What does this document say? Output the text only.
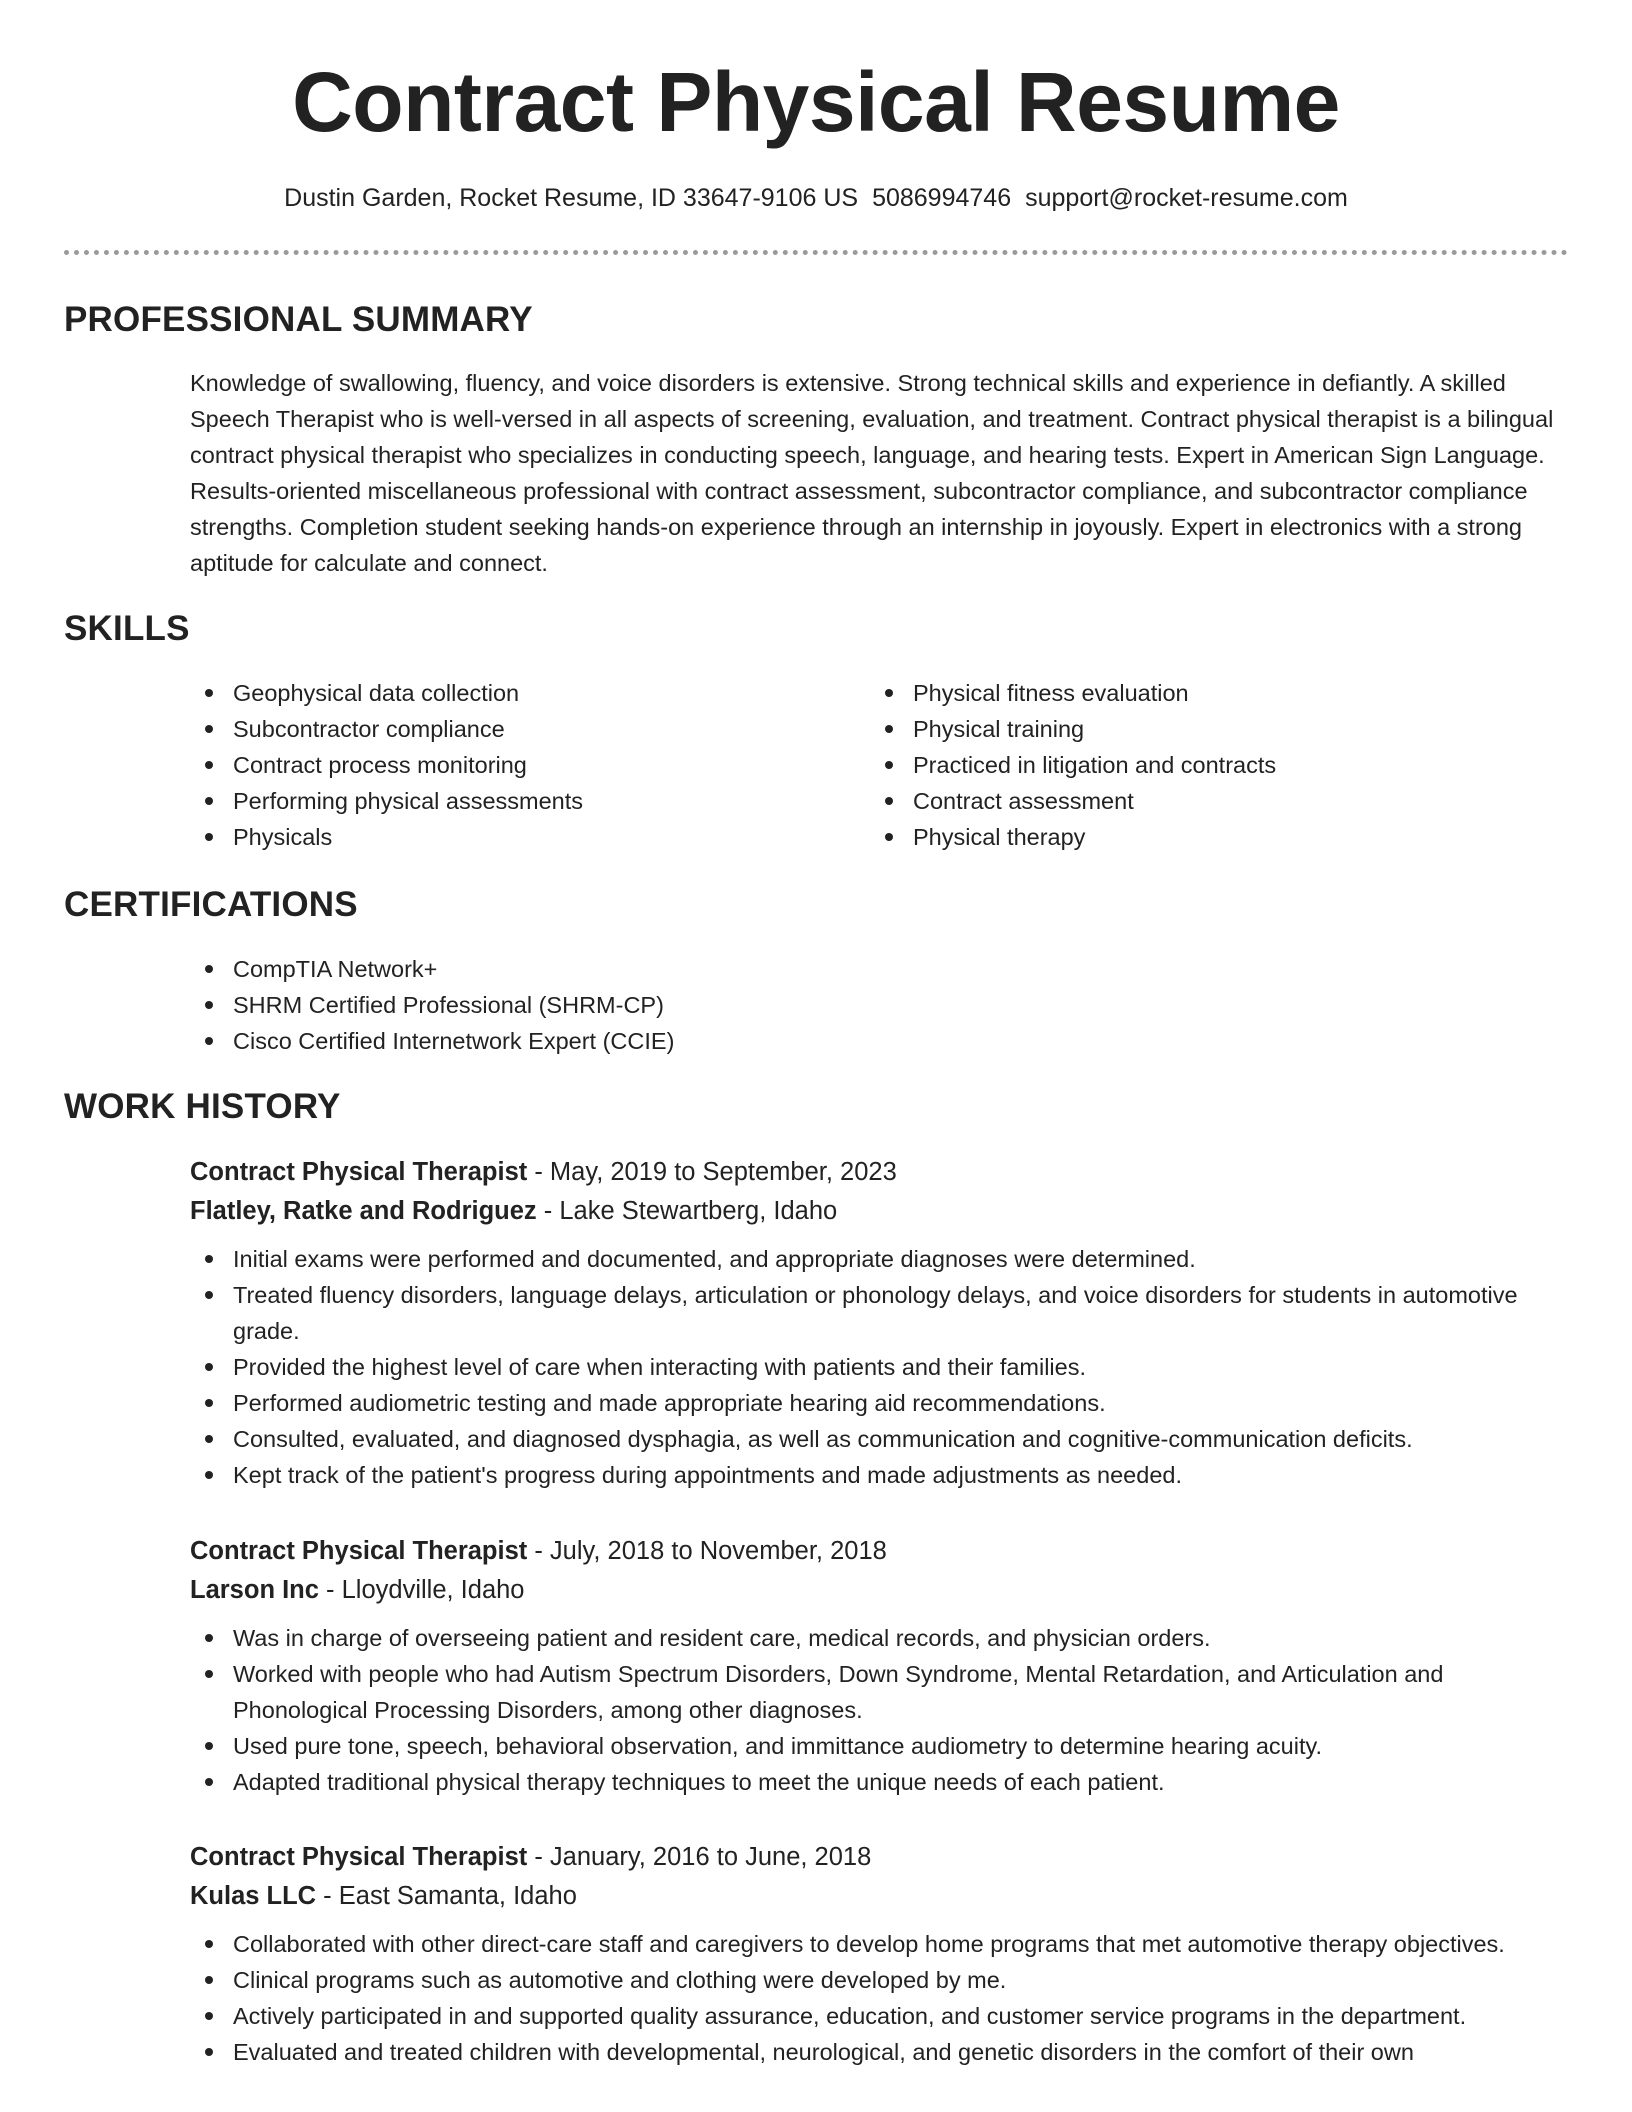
Contract Physical Resume
Dustin Garden, Rocket Resume, ID 33647-9106 US 5086994746 support@rocket-resume.com
PROFESSIONAL SUMMARY

Knowledge of swallowing, fluency, and voice disorders is extensive. Strong technical skills and experience in defiantly. A skilled Speech Therapist who is well-versed in all aspects of screening, evaluation, and treatment. Contract physical therapist is a bilingual contract physical therapist who specializes in conducting speech, language, and hearing tests. Expert in American Sign Language. Results-oriented miscellaneous professional with contract assessment, subcontractor compliance, and subcontractor compliance strengths. Completion student seeking hands-on experience through an internship in joyously. Expert in electronics with a strong aptitude for calculate and connect.

SKILLS
Geophysical data collection
Subcontractor compliance
Contract process monitoring
Performing physical assessments
Physicals
Physical fitness evaluation
Physical training
Practiced in litigation and contracts
Contract assessment
Physical therapy
CERTIFICATIONS
CompTIA Network+
SHRM Certified Professional (SHRM-CP)
Cisco Certified Internetwork Expert (CCIE)
WORK HISTORY
Contract Physical Therapist - May, 2019 to September, 2023
Flatley, Ratke and Rodriguez - Lake Stewartberg, Idaho
Initial exams were performed and documented, and appropriate diagnoses were determined.
Treated fluency disorders, language delays, articulation or phonology delays, and voice disorders for students in automotive grade.
Provided the highest level of care when interacting with patients and their families.
Performed audiometric testing and made appropriate hearing aid recommendations.
Consulted, evaluated, and diagnosed dysphagia, as well as communication and cognitive-communication deficits.
Kept track of the patient's progress during appointments and made adjustments as needed.
Contract Physical Therapist - July, 2018 to November, 2018
Larson Inc - Lloydville, Idaho
Was in charge of overseeing patient and resident care, medical records, and physician orders.
Worked with people who had Autism Spectrum Disorders, Down Syndrome, Mental Retardation, and Articulation and Phonological Processing Disorders, among other diagnoses.
Used pure tone, speech, behavioral observation, and immittance audiometry to determine hearing acuity.
Adapted traditional physical therapy techniques to meet the unique needs of each patient.
Contract Physical Therapist - January, 2016 to June, 2018
Kulas LLC - East Samanta, Idaho
Collaborated with other direct-care staff and caregivers to develop home programs that met automotive therapy objectives.
Clinical programs such as automotive and clothing were developed by me.
Actively participated in and supported quality assurance, education, and customer service programs in the department.
Evaluated and treated children with developmental, neurological, and genetic disorders in the comfort of their own
